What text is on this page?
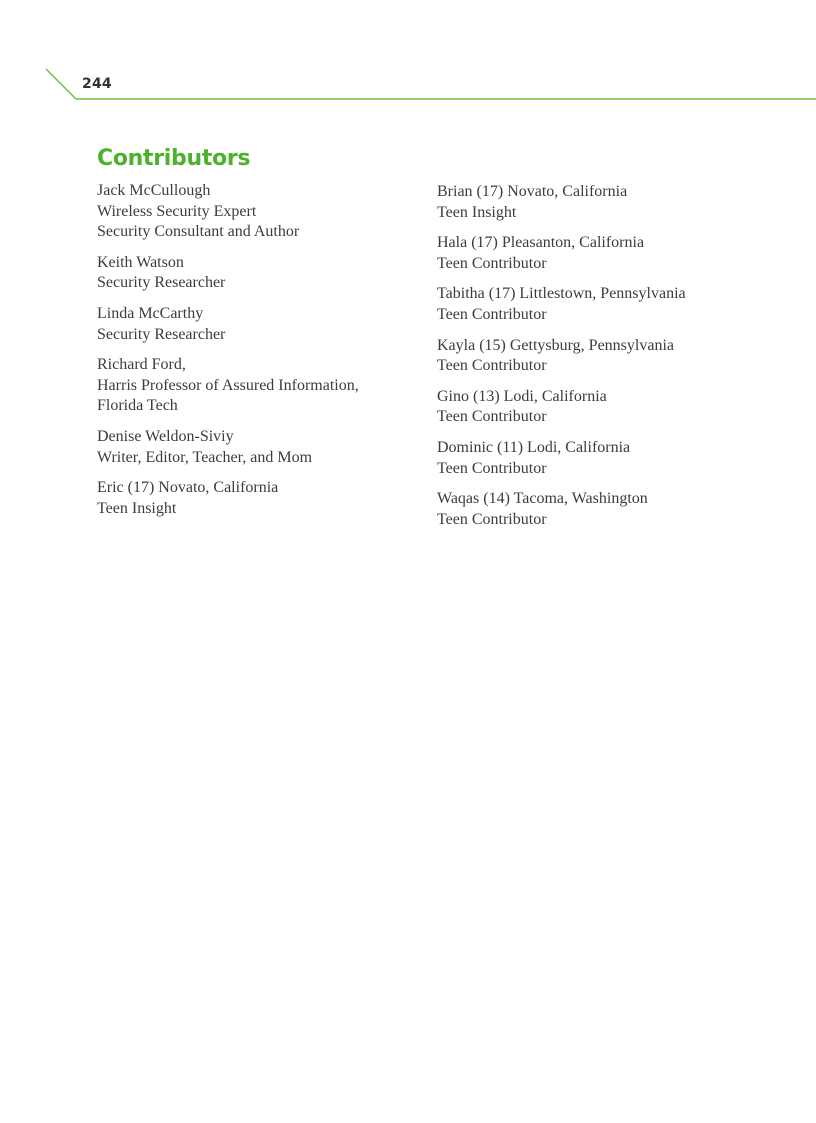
244
Contributors
Jack McCullough
Wireless Security Expert
Security Consultant and Author
Keith Watson
Security Researcher
Linda McCarthy
Security Researcher
Richard Ford,
Harris Professor of Assured Information,
Florida Tech
Denise Weldon-Siviy
Writer, Editor, Teacher, and Mom
Eric (17) Novato, California
Teen Insight
Brian (17) Novato, California
Teen Insight
Hala (17) Pleasanton, California
Teen Contributor
Tabitha (17) Littlestown, Pennsylvania
Teen Contributor
Kayla (15) Gettysburg, Pennsylvania
Teen Contributor
Gino (13) Lodi, California
Teen Contributor
Dominic (11) Lodi, California
Teen Contributor
Waqas (14) Tacoma, Washington
Teen Contributor
